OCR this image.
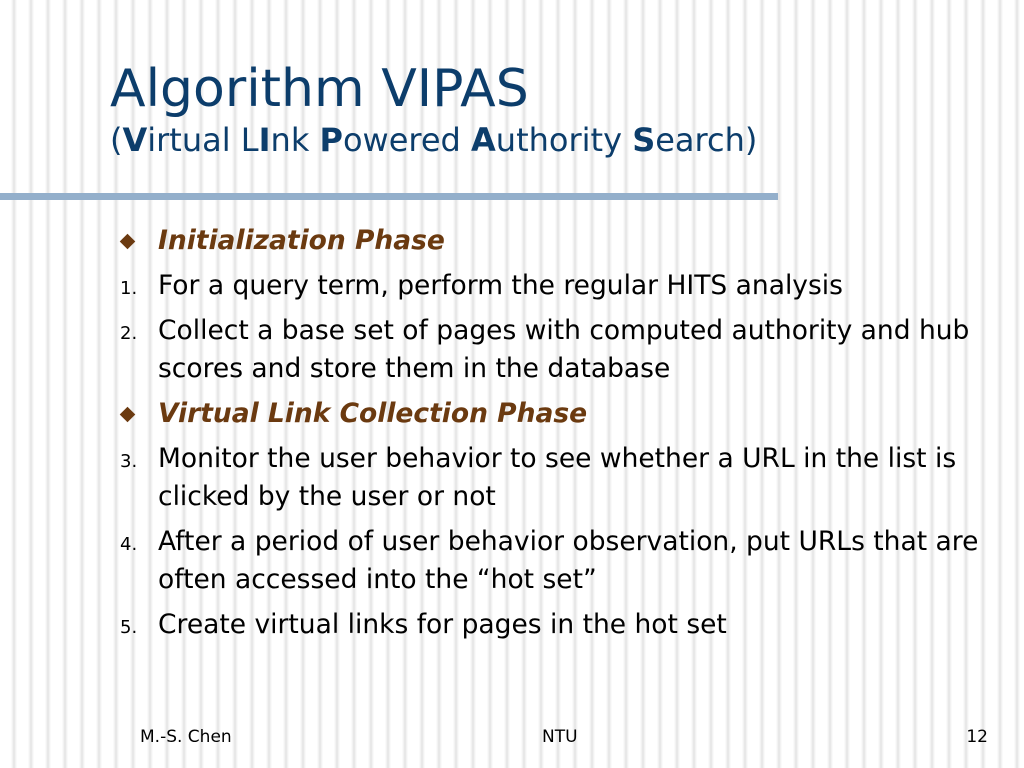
Algorithm VIPAS
(Virtual LInk Powered Authority Search)
Initialization Phase
1. For a query term, perform the regular HITS analysis
2. Collect a base set of pages with computed authority and hub scores and store them in the database
Virtual Link Collection Phase
3. Monitor the user behavior to see whether a URL in the list is clicked by the user or not
4. After a period of user behavior observation, put URLs that are often accessed into the “hot set”
5. Create virtual links for pages in the hot set
M.-S. Chen	NTU	12
